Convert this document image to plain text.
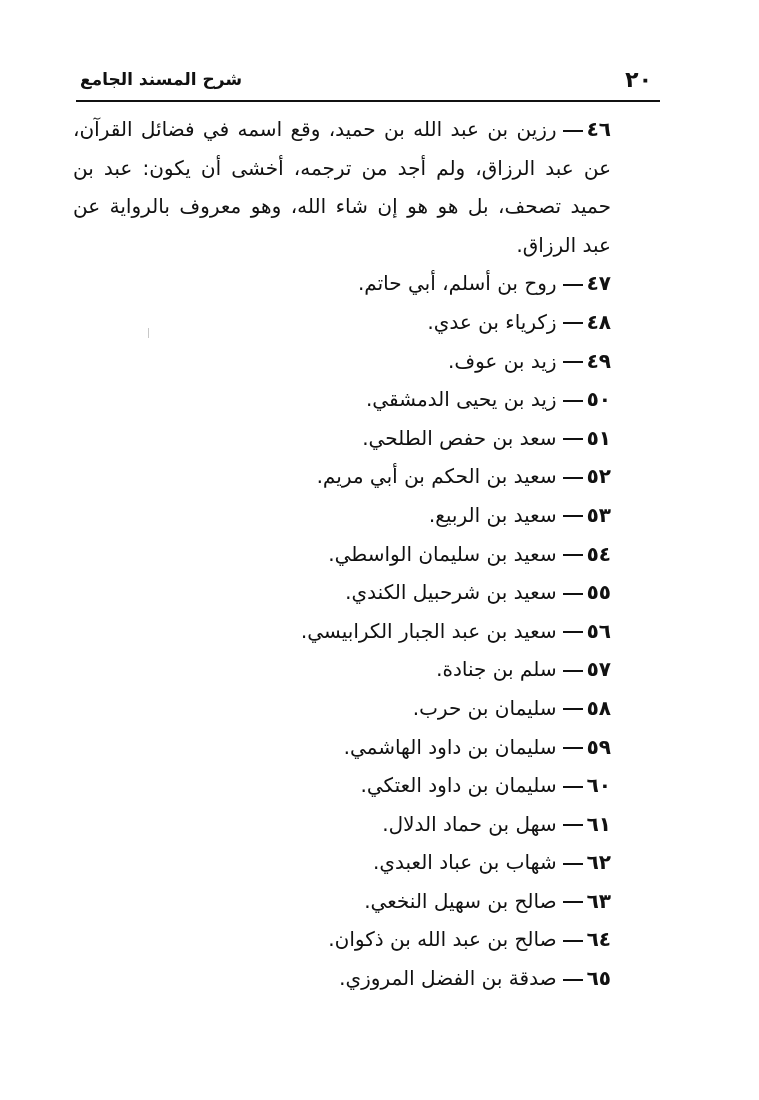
٢٠
شرح المسند الجامع

٤٦رزين بن عبد الله بن حميد، وقع اسمه في فضائل القرآن، عن عبد الرزاق، ولم أجد من ترجمه، أخشى أن يكون: عبد بن حميد تصحف، بل هو هو إن شاء الله، وهو معروف بالرواية عن عبد الرزاق.

٤٧روح بن أسلم، أبي حاتم.

٤٨زكرياء بن عدي.

٤٩زيد بن عوف.

٥٠زيد بن يحيى الدمشقي.

٥١سعد بن حفص الطلحي.

٥٢سعيد بن الحكم بن أبي مريم.

٥٣سعيد بن الربيع.

٥٤سعيد بن سليمان الواسطي.

٥٥سعيد بن شرحبيل الكندي.

٥٦سعيد بن عبد الجبار الكرابيسي.

٥٧سلم بن جنادة.

٥٨سليمان بن حرب.

٥٩سليمان بن داود الهاشمي.

٦٠سليمان بن داود العتكي.

٦١سهل بن حماد الدلال.

٦٢شهاب بن عباد العبدي.

٦٣صالح بن سهيل النخعي.

٦٤صالح بن عبد الله بن ذكوان.

٦٥صدقة بن الفضل المروزي.
